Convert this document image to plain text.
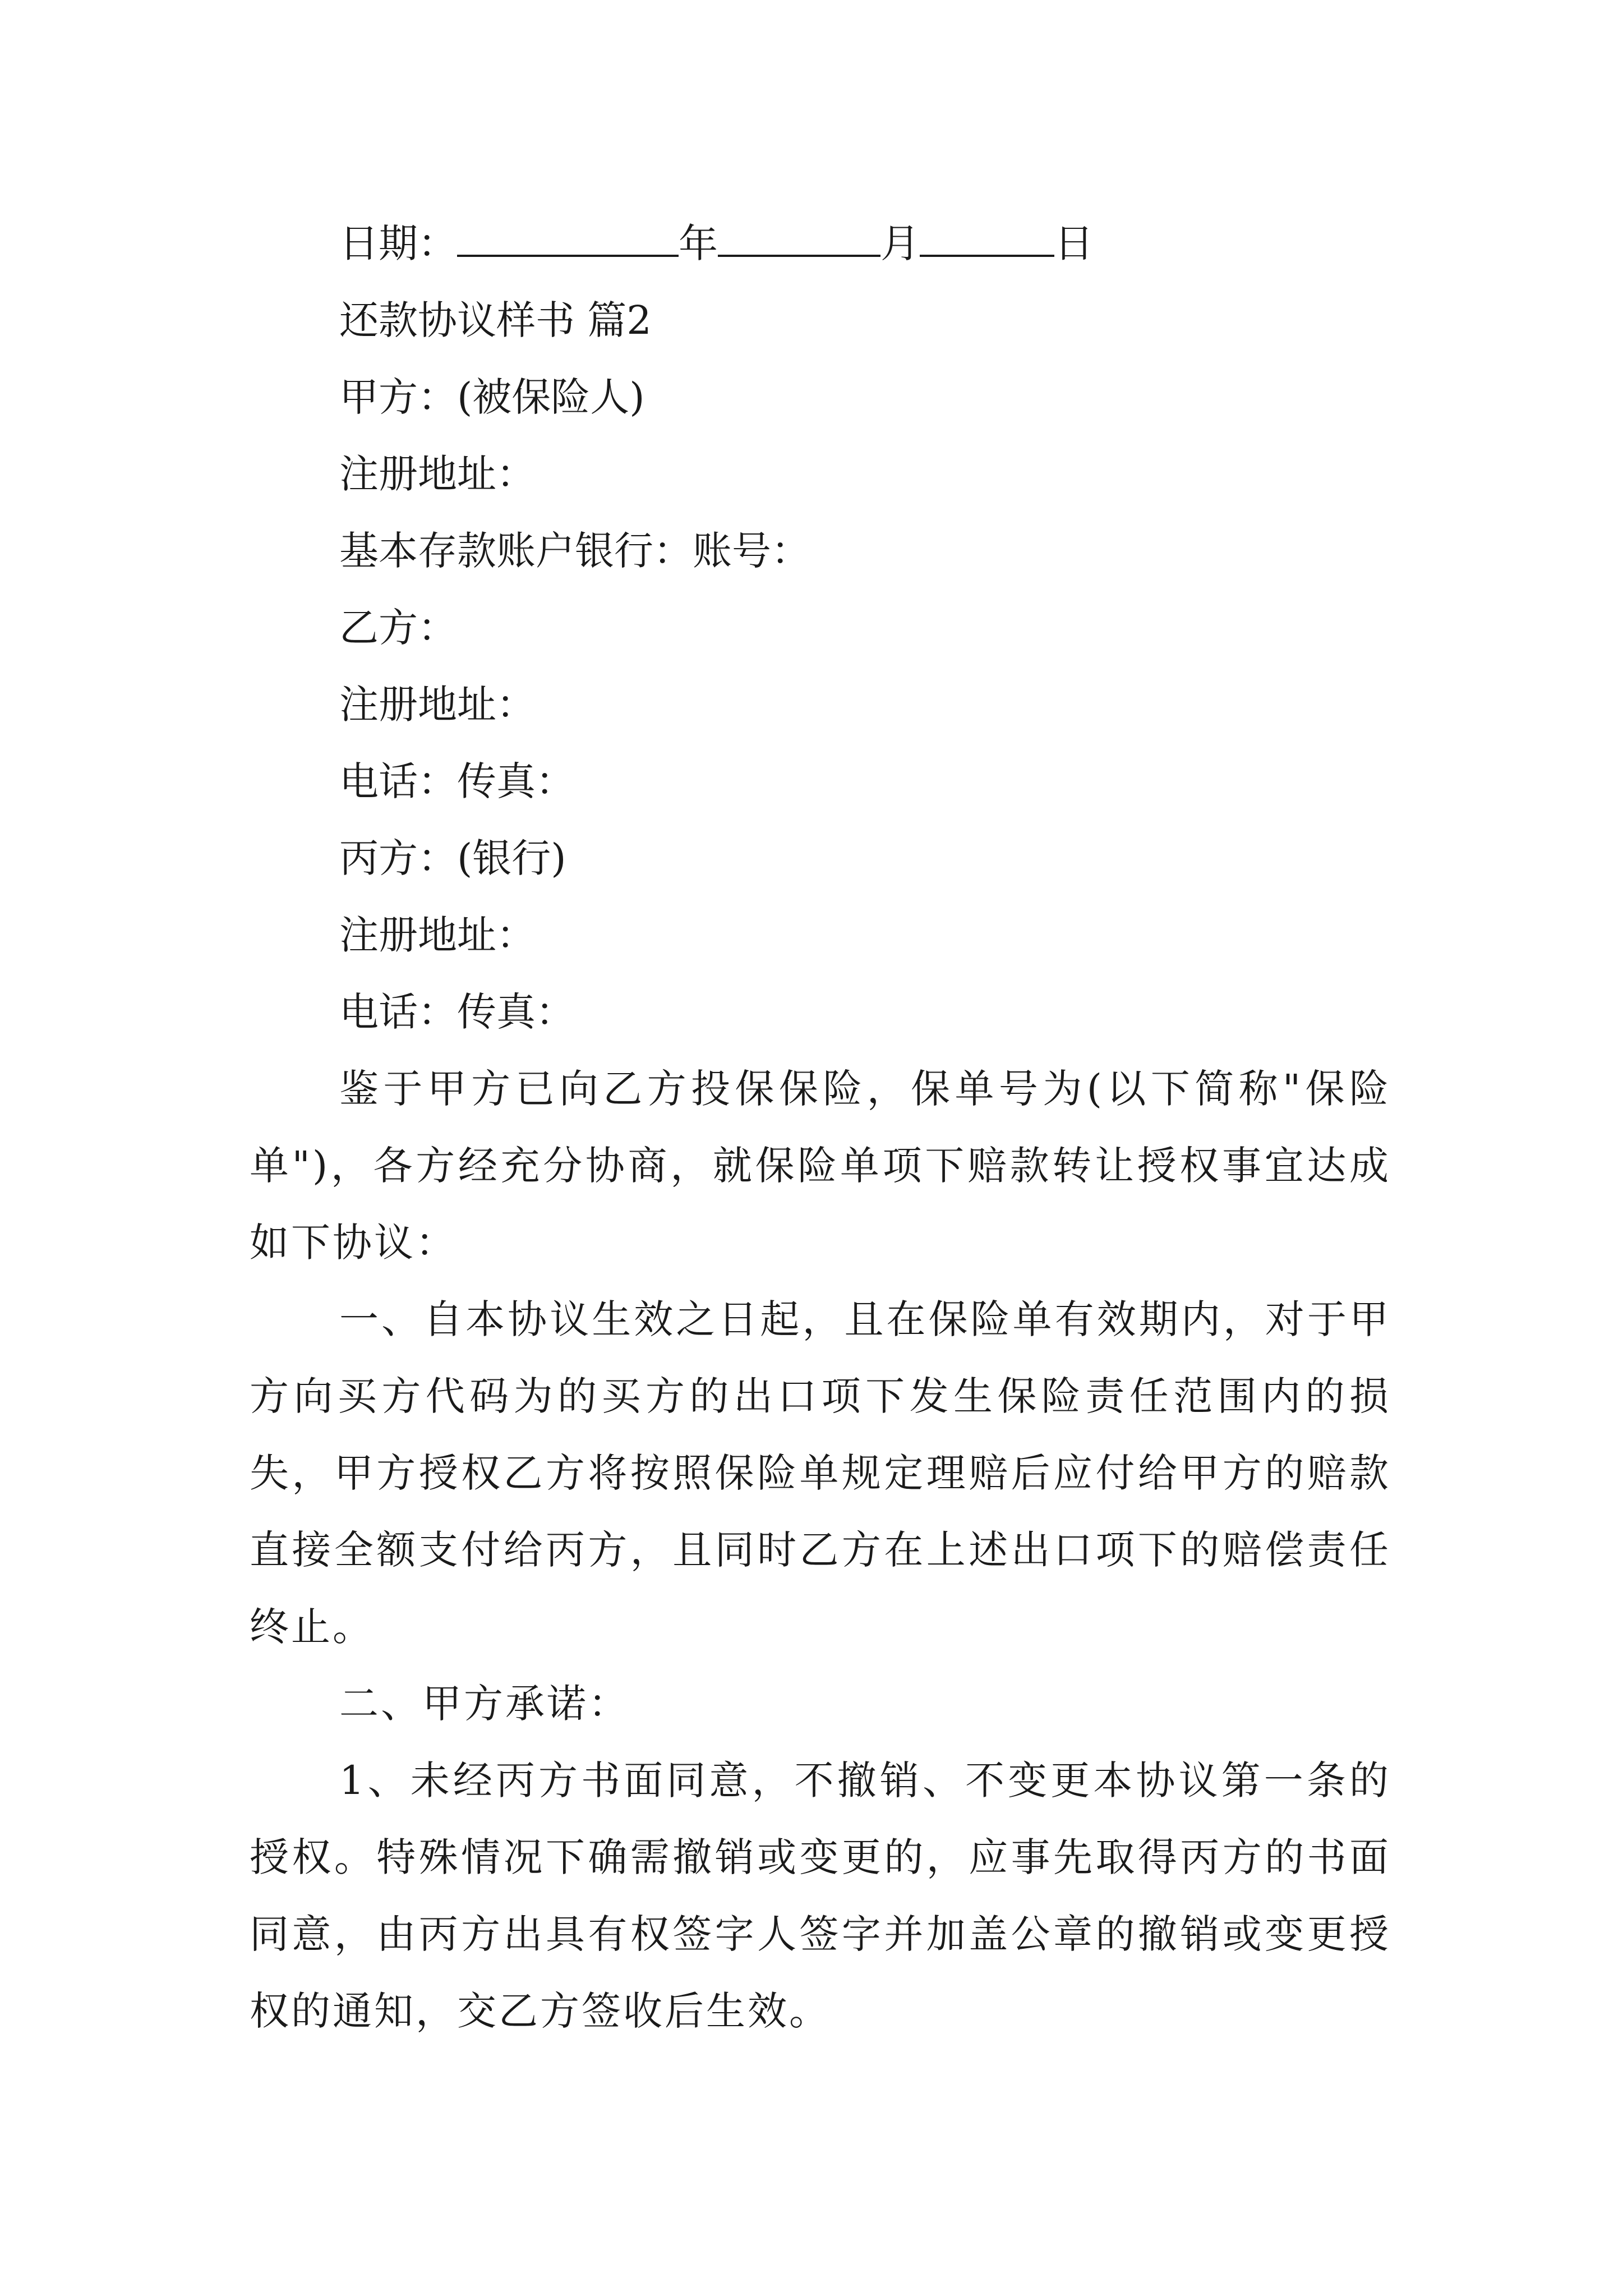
日期：	年	月	日
还款协议样书 篇2
甲方：(被保险人)
注册地址：
基本存款账户银行：账号：
乙方：
注册地址：
电话：传真：
丙方：(银行)
注册地址：
电话：传真：

鉴于甲方已向乙方投保保险，保单号为(以下简称"保险单")，各方经充分协商，就保险单项下赔款转让授权事宜达成如下协议：

一、自本协议生效之日起，且在保险单有效期内，对于甲方向买方代码为的买方的出口项下发生保险责任范围内的损失，甲方授权乙方将按照保险单规定理赔后应付给甲方的赔款直接全额支付给丙方，且同时乙方在上述出口项下的赔偿责任终止。

二、甲方承诺：

1、未经丙方书面同意，不撤销、不变更本协议第一条的授权。特殊情况下确需撤销或变更的，应事先取得丙方的书面同意，由丙方出具有权签字人签字并加盖公章的撤销或变更授权的通知，交乙方签收后生效。
